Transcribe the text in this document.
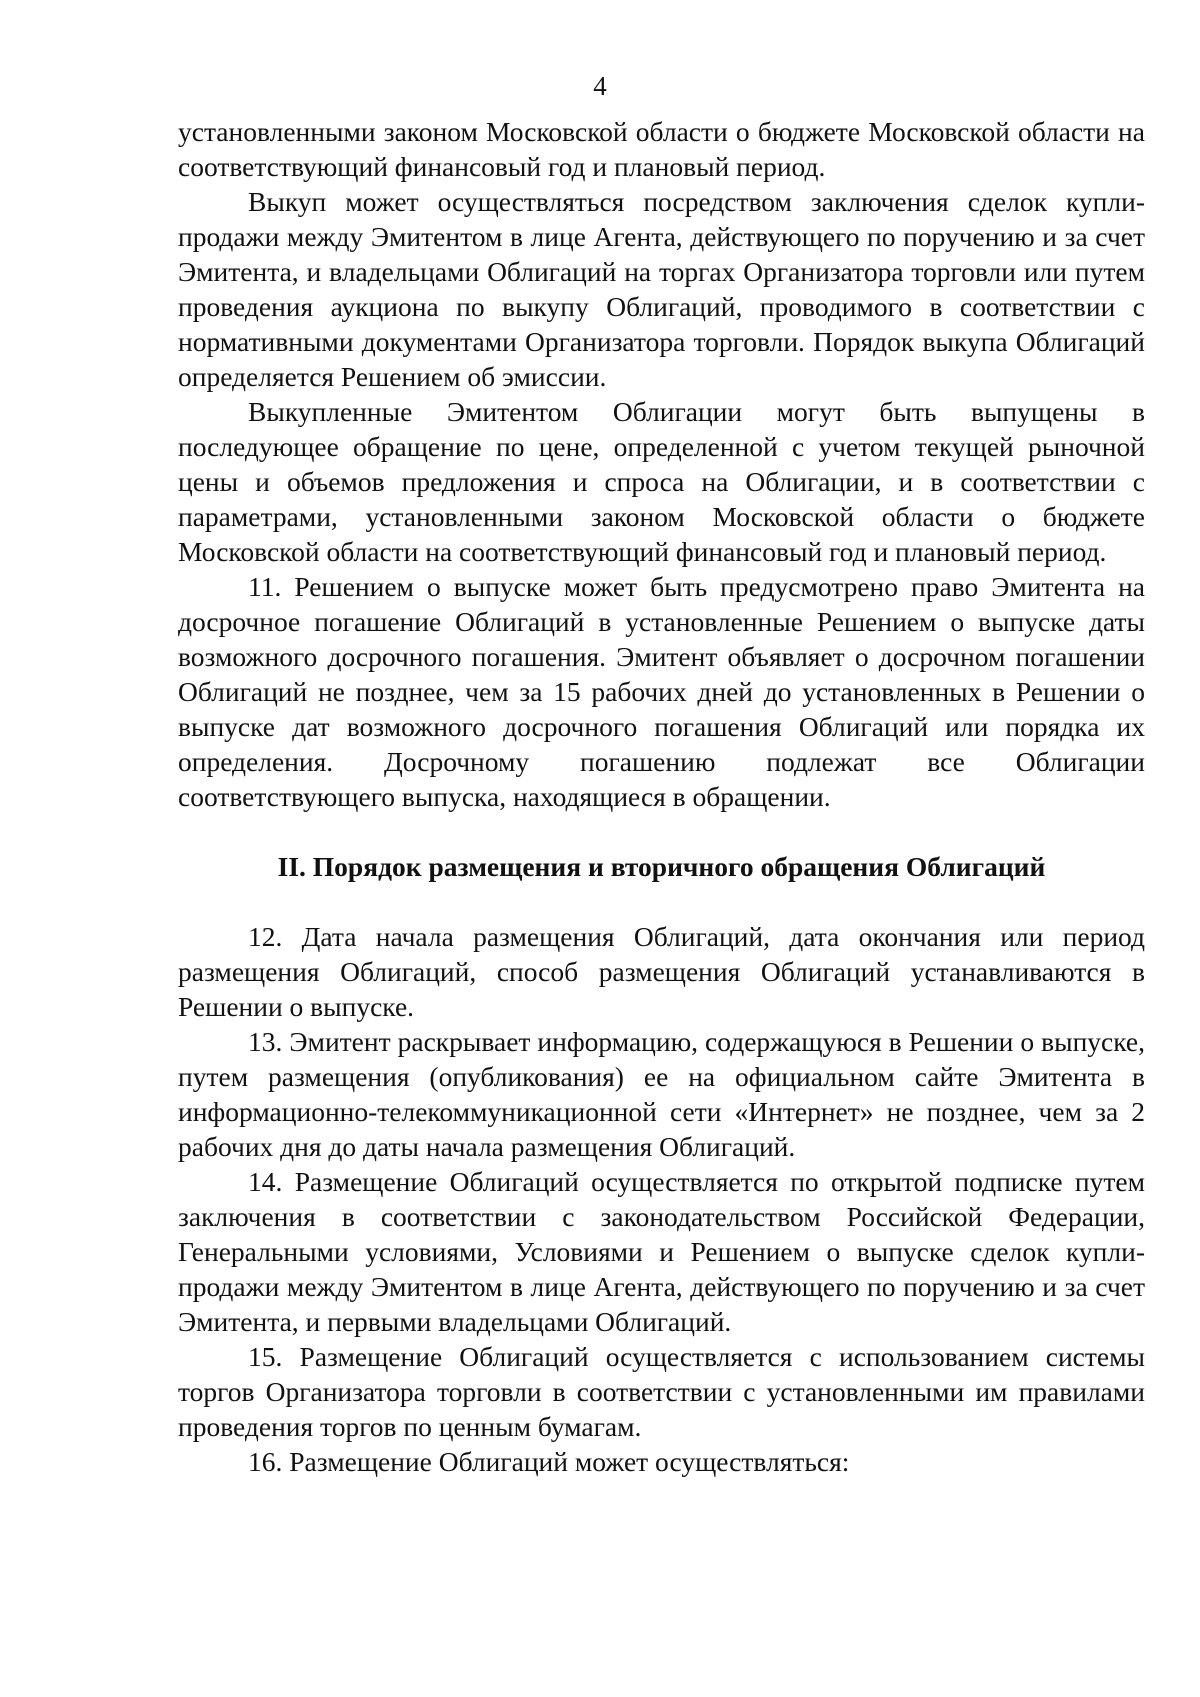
4

установленными законом Московской области о бюджете Московской области на соответствующий финансовый год и плановый период.

Выкуп может осуществляться посредством заключения сделок купли-продажи между Эмитентом в лице Агента, действующего по поручению и за счет Эмитента, и владельцами Облигаций на торгах Организатора торговли или путем проведения аукциона по выкупу Облигаций, проводимого в соответствии с нормативными документами Организатора торговли. Порядок выкупа Облигаций определяется Решением об эмиссии.

Выкупленные Эмитентом Облигации могут быть выпущены в последующее обращение по цене, определенной с учетом текущей рыночной цены и объемов предложения и спроса на Облигации, и в соответствии с параметрами, установленными законом Московской области о бюджете Московской области на соответствующий финансовый год и плановый период.

11. Решением о выпуске может быть предусмотрено право Эмитента на досрочное погашение Облигаций в установленные Решением о выпуске даты возможного досрочного погашения. Эмитент объявляет о досрочном погашении Облигаций не позднее, чем за 15 рабочих дней до установленных в Решении о выпуске дат возможного досрочного погашения Облигаций или порядка их определения. Досрочному погашению подлежат все Облигации соответствующего выпуска, находящиеся в обращении.

II. Порядок размещения и вторичного обращения Облигаций

12. Дата начала размещения Облигаций, дата окончания или период размещения Облигаций, способ размещения Облигаций устанавливаются в Решении о выпуске.

13. Эмитент раскрывает информацию, содержащуюся в Решении о выпуске, путем размещения (опубликования) ее на официальном сайте Эмитента в информационно-телекоммуникационной сети «Интернет» не позднее, чем за 2 рабочих дня до даты начала размещения Облигаций.

14. Размещение Облигаций осуществляется по открытой подписке путем заключения в соответствии с законодательством Российской Федерации, Генеральными условиями, Условиями и Решением о выпуске сделок купли-продажи между Эмитентом в лице Агента, действующего по поручению и за счет Эмитента, и первыми владельцами Облигаций.

15. Размещение Облигаций осуществляется с использованием системы торгов Организатора торговли в соответствии с установленными им правилами проведения торгов по ценным бумагам.

16. Размещение Облигаций может осуществляться:
